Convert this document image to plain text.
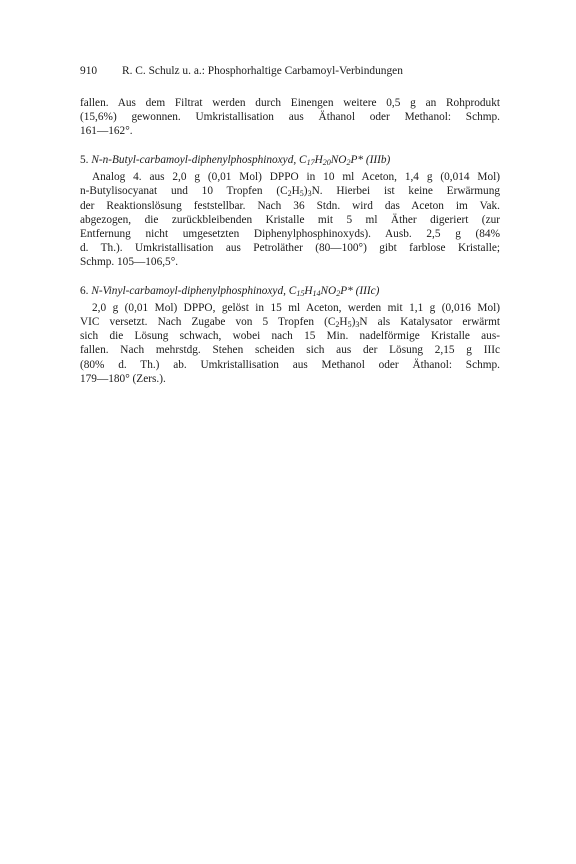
910 R. C. Schulz u. a.: Phosphorhaltige Carbamoyl-Verbindungen

fallen. Aus dem Filtrat werden durch Einengen weitere 0,5 g an Rohprodukt
(15,6%) gewonnen. Umkristallisation aus Äthanol oder Methanol: Schmp.
161—162°.

5. N-n-Butyl-carbamoyl-diphenylphosphinoxyd, $C_{17}H_{20}NO_2P*$ (IIIb)

Analog 4. aus 2,0 g (0,01 Mol) DPPO in 10 ml Aceton, 1,4 g (0,014 Mol)
n-Butylisocyanat und 10 Tropfen $(C_2H_5)_3N$. Hierbei ist keine Erwärmung
der Reaktionslösung feststellbar. Nach 36 Stdn. wird das Aceton im Vak.
abgezogen, die zurückbleibenden Kristalle mit 5 ml Äther digeriert (zur
Entfernung nicht umgesetzten Diphenylphosphinoxyds). Ausb. 2,5 g (84%
d. Th.). Umkristallisation aus Petroläther (80—100°) gibt farblose Kristalle;
Schmp. 105—106,5°.

6. N-Vinyl-carbamoyl-diphenylphosphinoxyd, $C_{15}H_{14}NO_2P*$ (IIIc)

2,0 g (0,01 Mol) DPPO, gelöst in 15 ml Aceton, werden mit 1,1 g (0,016 Mol)
VIC versetzt. Nach Zugabe von 5 Tropfen $(C_2H_5)_3N$ als Katalysator erwärmt
sich die Lösung schwach, wobei nach 15 Min. nadelförmige Kristalle aus-
fallen. Nach mehrstdg. Stehen scheiden sich aus der Lösung 2,15 g IIIc
(80% d. Th.) ab. Umkristallisation aus Methanol oder Äthanol: Schmp.
179—180° (Zers.).
